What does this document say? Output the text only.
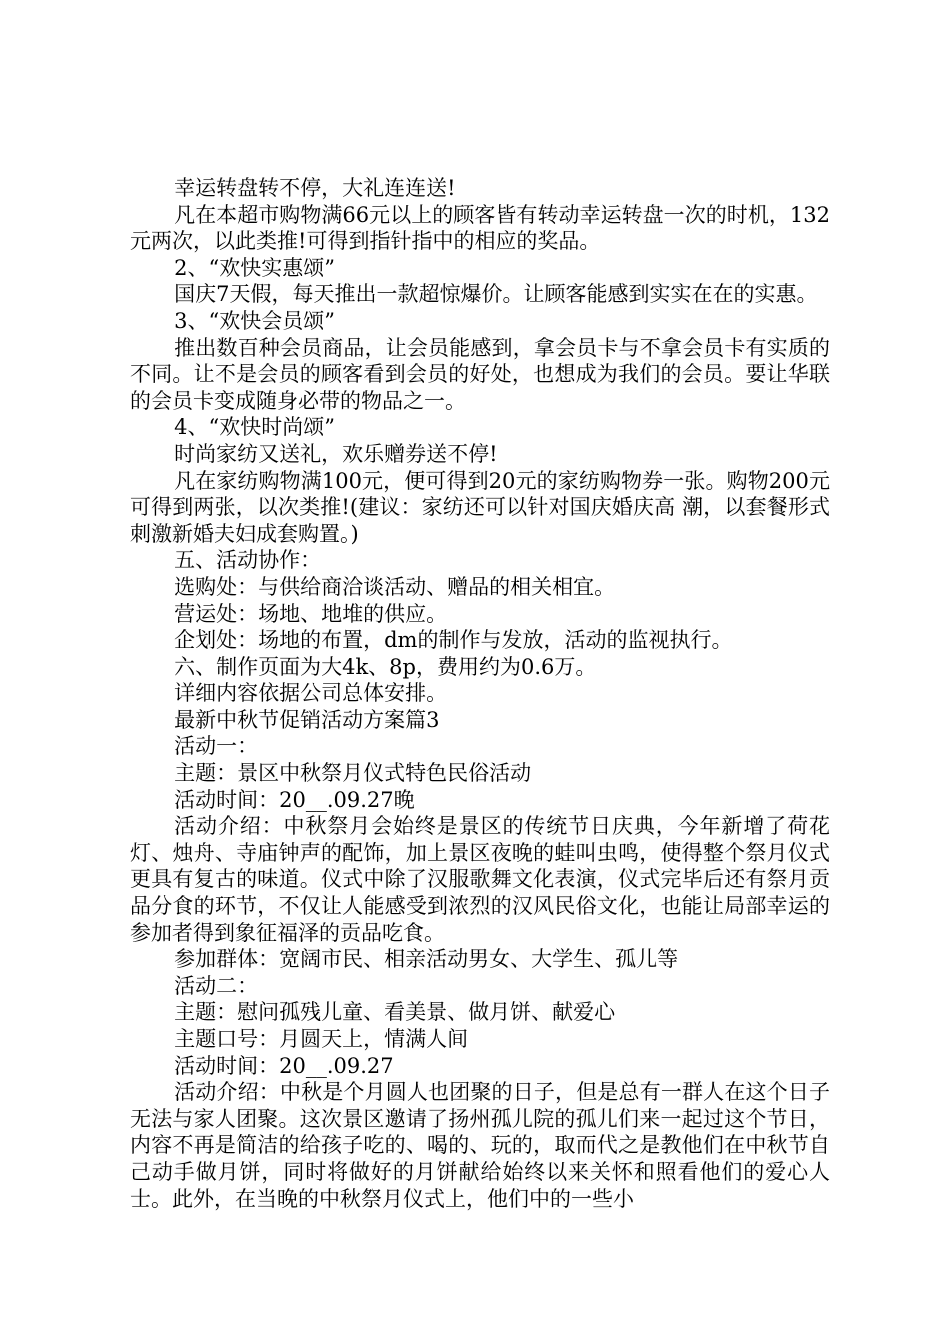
幸运转盘转不停，大礼连连送!

凡在本超市购物满66元以上的顾客皆有转动幸运转盘一次的时机，132元两次，以此类推!可得到指针指中的相应的奖品。

2、“欢快实惠颂”

国庆7天假，每天推出一款超惊爆价。让顾客能感到实实在在的实惠。

3、“欢快会员颂”

推出数百种会员商品，让会员能感到，拿会员卡与不拿会员卡有实质的不同。让不是会员的顾客看到会员的好处，也想成为我们的会员。要让华联的会员卡变成随身必带的物品之一。

4、“欢快时尚颂”

时尚家纺又送礼，欢乐赠券送不停!

凡在家纺购物满100元，便可得到20元的家纺购物券一张。购物200元可得到两张，以次类推!(建议：家纺还可以针对国庆婚庆高 潮，以套餐形式刺激新婚夫妇成套购置。)

五、活动协作：

选购处：与供给商洽谈活动、赠品的相关相宜。

营运处：场地、地堆的供应。

企划处：场地的布置，dm的制作与发放，活动的监视执行。

六、制作页面为大4k、8p，费用约为0.6万。

详细内容依据公司总体安排。

最新中秋节促销活动方案篇3

活动一：

主题：景区中秋祭月仪式特色民俗活动

活动时间：20__.09.27晚

活动介绍：中秋祭月会始终是景区的传统节日庆典，今年新增了荷花灯、烛舟、寺庙钟声的配饰，加上景区夜晚的蛙叫虫鸣，使得整个祭月仪式更具有复古的味道。仪式中除了汉服歌舞文化表演，仪式完毕后还有祭月贡品分食的环节，不仅让人能感受到浓烈的汉风民俗文化，也能让局部幸运的参加者得到象征福泽的贡品吃食。

参加群体：宽阔市民、相亲活动男女、大学生、孤儿等

活动二：

主题：慰问孤残儿童、看美景、做月饼、献爱心

主题口号：月圆天上，情满人间

活动时间：20__.09.27

活动介绍：中秋是个月圆人也团聚的日子，但是总有一群人在这个日子无法与家人团聚。这次景区邀请了扬州孤儿院的孤儿们来一起过这个节日，内容不再是简洁的给孩子吃的、喝的、玩的，取而代之是教他们在中秋节自己动手做月饼，同时将做好的月饼献给始终以来关怀和照看他们的爱心人士。此外，在当晚的中秋祭月仪式上，他们中的一些小
